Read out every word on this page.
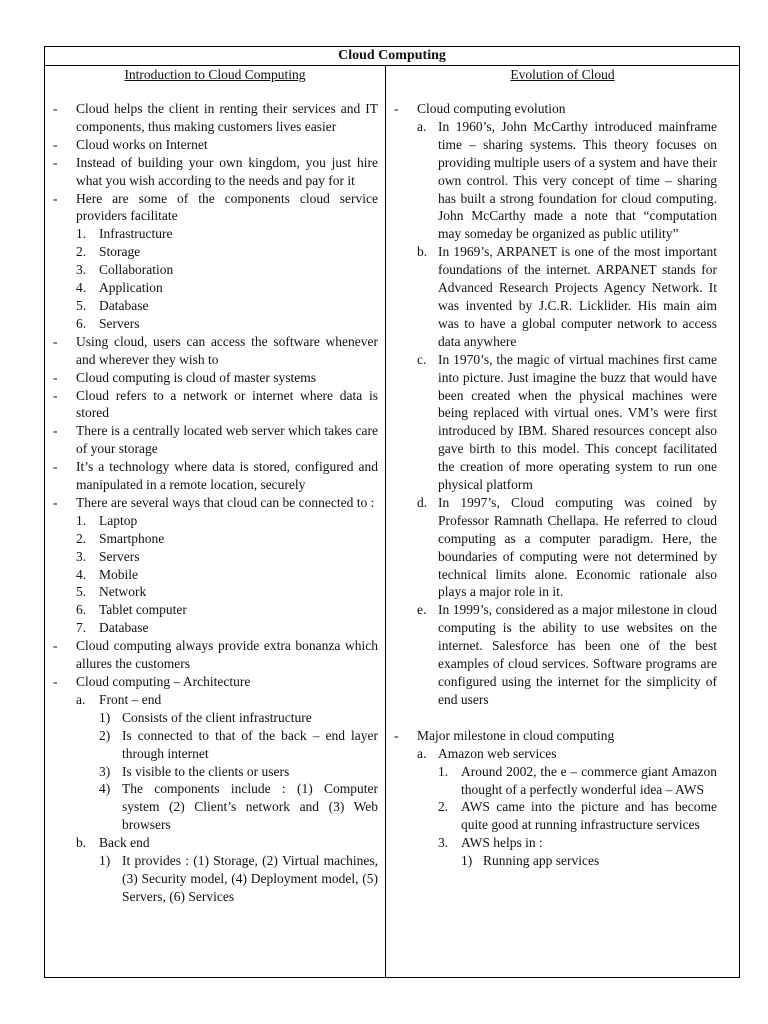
Cloud Computing
Introduction to Cloud Computing
- Cloud helps the client in renting their services and IT components, thus making customers lives easier
- Cloud works on Internet
- Instead of building your own kingdom, you just hire what you wish according to the needs and pay for it
- Here are some of the components cloud service providers facilitate
1. Infrastructure
2. Storage
3. Collaboration
4. Application
5. Database
6. Servers
- Using cloud, users can access the software whenever and wherever they wish to
- Cloud computing is cloud of master systems
- Cloud refers to a network or internet where data is stored
- There is a centrally located web server which takes care of your storage
- It’s a technology where data is stored, configured and manipulated in a remote location, securely
- There are several ways that cloud can be connected to :
1. Laptop
2. Smartphone
3. Servers
4. Mobile
5. Network
6. Tablet computer
7. Database
- Cloud computing always provide extra bonanza which allures the customers
- Cloud computing – Architecture
a. Front – end
1) Consists of the client infrastructure
2) Is connected to that of the back – end layer through internet
3) Is visible to the clients or users
4) The components include : (1) Computer system (2) Client’s network and (3) Web browsers
b. Back end
1) It provides : (1) Storage, (2) Virtual machines, (3) Security model, (4) Deployment model, (5) Servers, (6) Services
Evolution of Cloud
- Cloud computing evolution
a. In 1960’s, John McCarthy introduced mainframe time – sharing systems. This theory focuses on providing multiple users of a system and have their own control. This very concept of time – sharing has built a strong foundation for cloud computing. John McCarthy made a note that “computation may someday be organized as public utility”
b. In 1969’s, ARPANET is one of the most important foundations of the internet. ARPANET stands for Advanced Research Projects Agency Network. It was invented by J.C.R. Licklider. His main aim was to have a global computer network to access data anywhere
c. In 1970’s, the magic of virtual machines first came into picture. Just imagine the buzz that would have been created when the physical machines were being replaced with virtual ones. VM’s were first introduced by IBM. Shared resources concept also gave birth to this model. This concept facilitated the creation of more operating system to run one physical platform
d. In 1997’s, Cloud computing was coined by Professor Ramnath Chellapa. He referred to cloud computing as a computer paradigm. Here, the boundaries of computing were not determined by technical limits alone. Economic rationale also plays a major role in it.
e. In 1999’s, considered as a major milestone in cloud computing is the ability to use websites on the internet. Salesforce has been one of the best examples of cloud services. Software programs are configured using the internet for the simplicity of end users
- Major milestone in cloud computing
a. Amazon web services
1. Around 2002, the e – commerce giant Amazon thought of a perfectly wonderful idea – AWS
2. AWS came into the picture and has become quite good at running infrastructure services
3. AWS helps in :
1) Running app services
